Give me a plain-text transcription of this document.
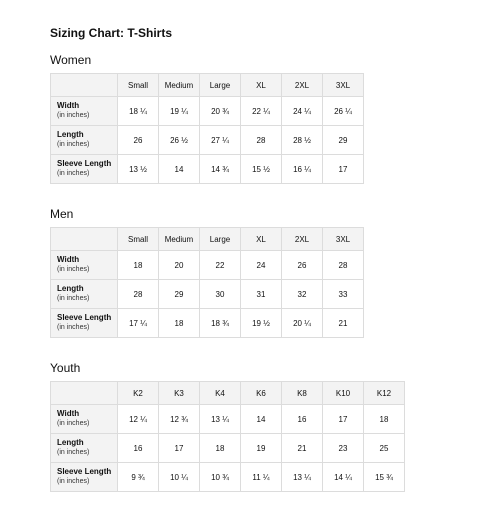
Sizing Chart: T-Shirts
Women
	Small	Medium	Large	XL	2XL	3XL

Width
(in inches)	18 ¼	19 ¼	20 ¾	22 ¼	24 ¼	26 ¼

Length
(in inches)	26	26 ½	27 ¼	28	28 ½	29

Sleeve Length
(in inches)	13 ½	14	14 ¾	15 ½	16 ¼	17
Men
	Small	Medium	Large	XL	2XL	3XL

Width
(in inches)	18	20	22	24	26	28

Length
(in inches)	28	29	30	31	32	33

Sleeve Length
(in inches)	17 ¼	18	18 ¾	19 ½	20 ¼	21
Youth
	K2	K3	K4	K6	K8	K10	K12

Width
(in inches)	12 ¼	12 ¾	13 ¼	14	16	17	18

Length
(in inches)	16	17	18	19	21	23	25

Sleeve Length
(in inches)	9 ¾	10 ¼	10 ¾	11 ¼	13 ¼	14 ¼	15 ¾
